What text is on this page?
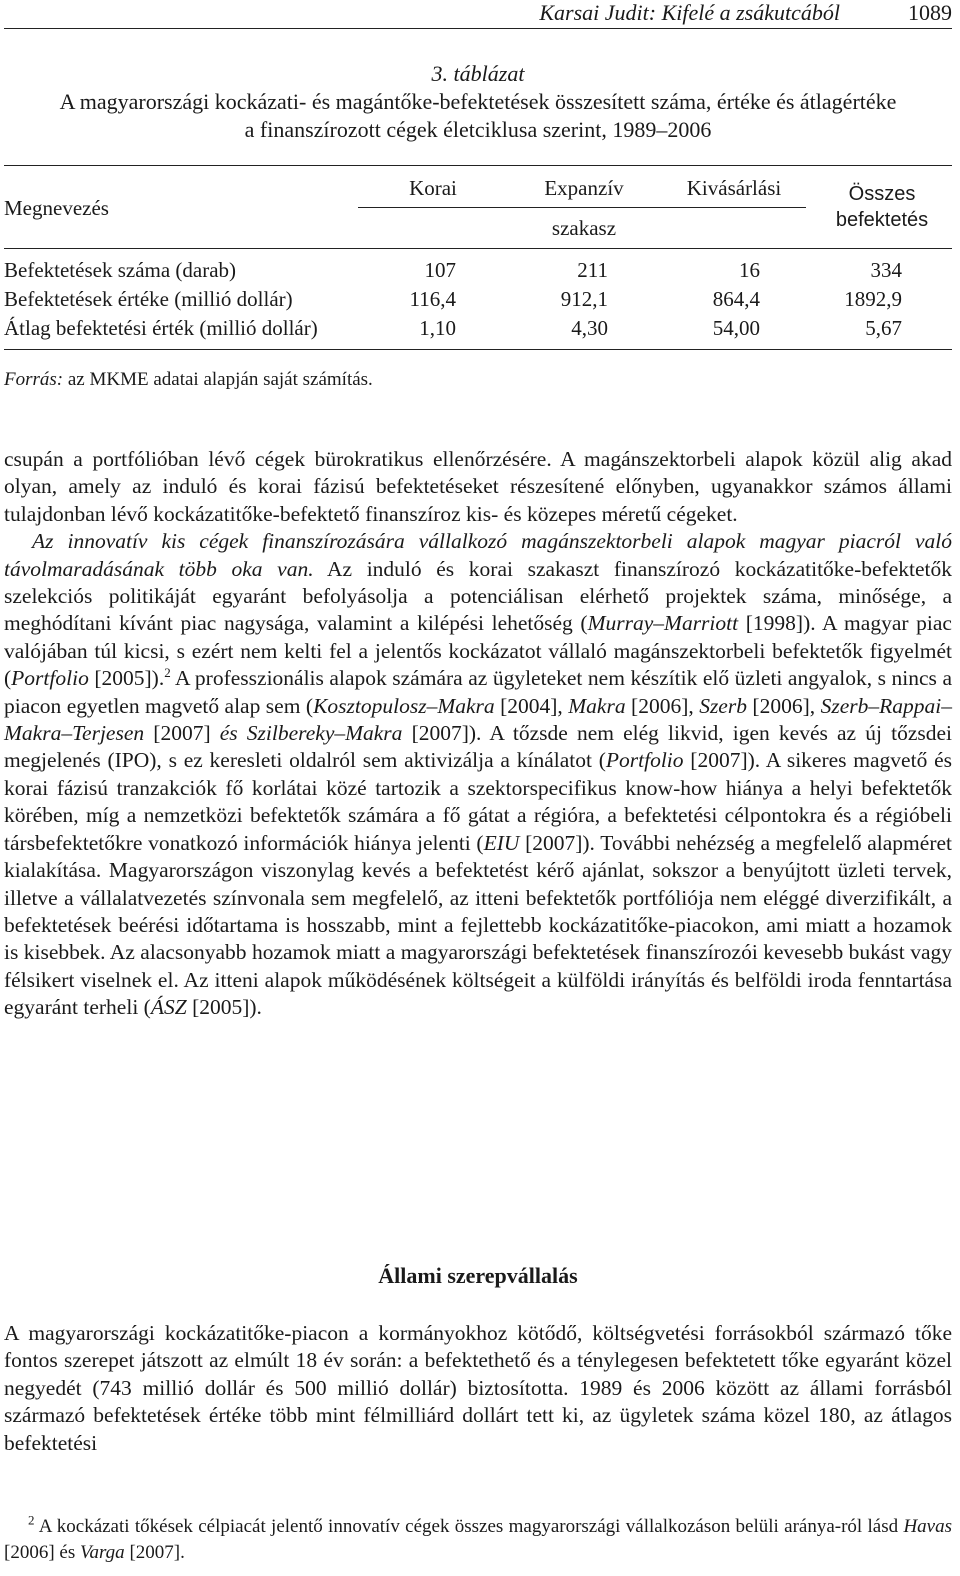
Karsai Judit: Kifelé a zsákutcából	1089
3. táblázat
A magyarországi kockázati- és magántőke-befektetések összesített száma, értéke és átlagértéke
a finanszírozott cégek életciklusa szerint, 1989–2006
Megnevezés
Korai	Expanzív	Kivásárlási
szakasz
Összes
befektetés
Befektetések száma (darab)	107	211	16	334
Befektetések értéke (millió dollár)	116,4	912,1	864,4	1892,9
Átlag befektetési érték (millió dollár)	1,10	4,30	54,00	5,67
Forrás: az MKME adatai alapján saját számítás.

csupán a portfólióban lévő cégek bürokratikus ellenőrzésére. A magánszektorbeli alapok közül alig akad olyan, amely az induló és korai fázisú befektetéseket részesítené előnyben, ugyanakkor számos állami tulajdonban lévő kockázatitőke-befektető finanszíroz kis- és közepes méretű cégeket.

Az innovatív kis cégek finanszírozására vállalkozó magánszektorbeli alapok magyar piacról való távolmaradásának több oka van. Az induló és korai szakaszt finanszírozó kockázatitőke-befektetők szelekciós politikáját egyaránt befolyásolja a potenciálisan elérhető projektek száma, minősége, a meghódítani kívánt piac nagysága, valamint a kilépési lehetőség (Murray–Marriott [1998]). A magyar piac valójában túl kicsi, s ezért nem kelti fel a jelentős kockázatot vállaló magánszektorbeli befektetők figyelmét (Portfolio [2005]).$^2$ A professzionális alapok számára az ügyleteket nem készítik elő üzleti angyalok, s nincs a piacon egyetlen magvető alap sem (Kosztopulosz–Makra [2004], Makra [2006], Szerb [2006], Szerb–Rappai–Makra–Terjesen [2007] és Szilbereky–Makra [2007]). A tőzsde nem elég likvid, igen kevés az új tőzsdei megjelenés (IPO), s ez keresleti oldalról sem aktivizálja a kínálatot (Portfolio [2007]). A sikeres magvető és korai fázisú tranzakciók fő korlátai közé tartozik a szektorspecifikus know-how hiánya a helyi befektetők körében, míg a nemzetközi befektetők számára a fő gátat a régióra, a befektetési célpontokra és a régióbeli társbefektetőkre vonatkozó információk hiánya jelenti (EIU [2007]). További nehézség a megfelelő alapméret kialakítása. Magyarországon viszonylag kevés a befektetést kérő ajánlat, sokszor a benyújtott üzleti tervek, illetve a vállalatvezetés színvonala sem megfelelő, az itteni befektetők portfóliója nem eléggé diverzifikált, a befektetések beérési időtartama is hosszabb, mint a fejlettebb kockázatitőke-piacokon, ami miatt a hozamok is kisebbek. Az alacsonyabb hozamok miatt a magyarországi befektetések finanszírozói kevesebb bukást vagy félsikert viselnek el. Az itteni alapok működésének költségeit a külföldi irányítás és belföldi iroda fenntartása egyaránt terheli (ÁSZ [2005]).

Állami szerepvállalás

A magyarországi kockázatitőke-piacon a kormányokhoz kötődő, költségvetési forrásokból származó tőke fontos szerepet játszott az elmúlt 18 év során: a befektethető és a ténylegesen befektetett tőke egyaránt közel negyedét (743 millió dollár és 500 millió dollár) biztosította. 1989 és 2006 között az állami forrásból származó befektetések értéke több mint félmilliárd dollárt tett ki, az ügyletek száma közel 180, az átlagos befektetési

$^2$ A kockázati tőkések célpiacát jelentő innovatív cégek összes magyarországi vállalkozáson belüli aránya-ról lásd Havas [2006] és Varga [2007].
